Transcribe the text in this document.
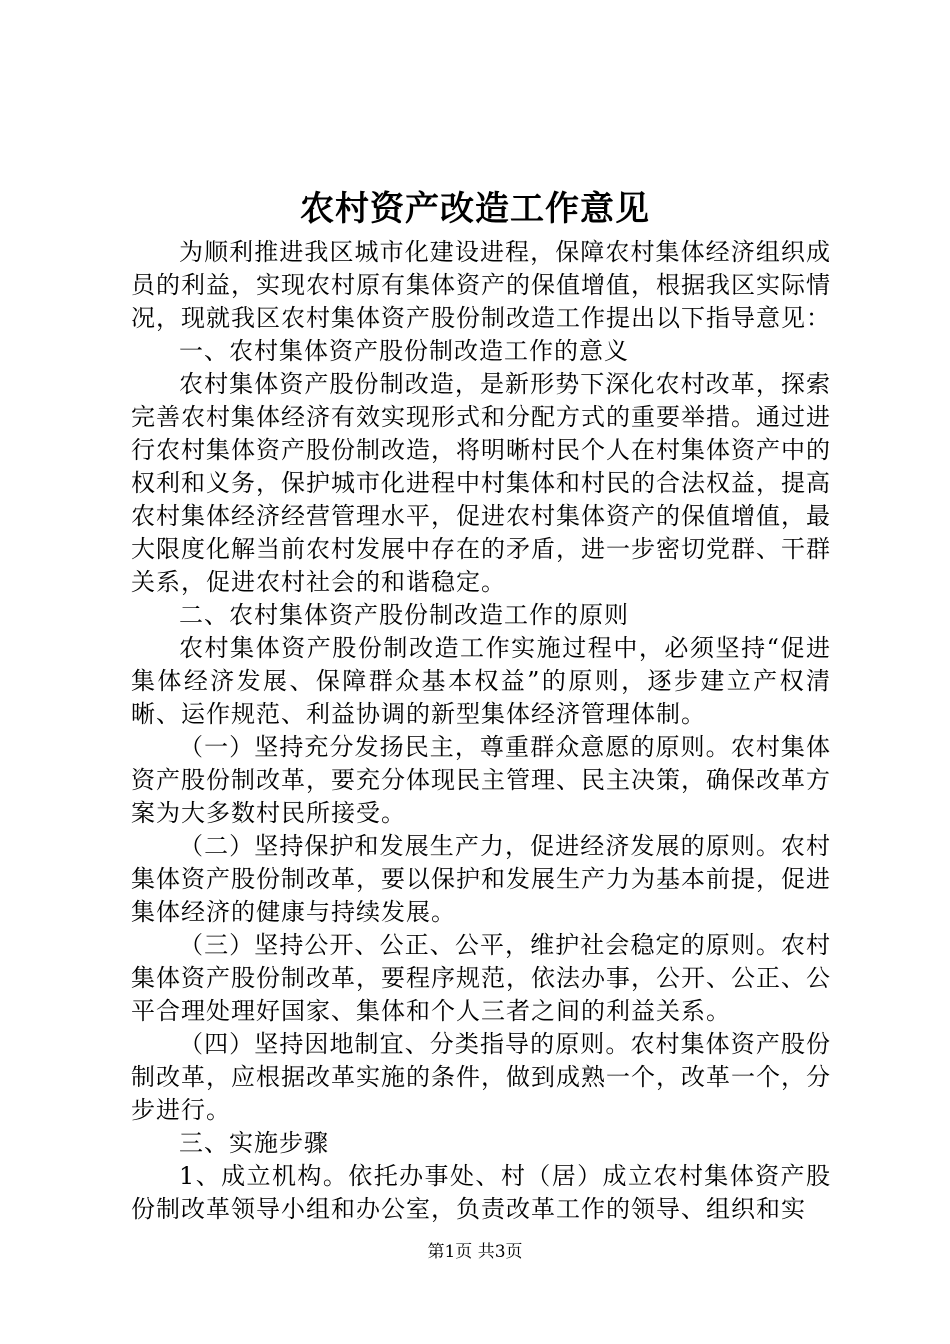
农村资产改造工作意见

为顺利推进我区城市化建设进程，保障农村集体经济组织成员的利益，实现农村原有集体资产的保值增值，根据我区实际情况，现就我区农村集体资产股份制改造工作提出以下指导意见：

一、农村集体资产股份制改造工作的意义

农村集体资产股份制改造，是新形势下深化农村改革，探索完善农村集体经济有效实现形式和分配方式的重要举措。通过进行农村集体资产股份制改造，将明晰村民个人在村集体资产中的权利和义务，保护城市化进程中村集体和村民的合法权益，提高农村集体经济经营管理水平，促进农村集体资产的保值增值，最大限度化解当前农村发展中存在的矛盾，进一步密切党群、干群关系，促进农村社会的和谐稳定。

二、农村集体资产股份制改造工作的原则

农村集体资产股份制改造工作实施过程中，必须坚持“促进集体经济发展、保障群众基本权益”的原则，逐步建立产权清晰、运作规范、利益协调的新型集体经济管理体制。

（一）坚持充分发扬民主，尊重群众意愿的原则。农村集体资产股份制改革，要充分体现民主管理、民主决策，确保改革方案为大多数村民所接受。

（二）坚持保护和发展生产力，促进经济发展的原则。农村集体资产股份制改革，要以保护和发展生产力为基本前提，促进集体经济的健康与持续发展。

（三）坚持公开、公正、公平，维护社会稳定的原则。农村集体资产股份制改革，要程序规范，依法办事，公开、公正、公平合理处理好国家、集体和个人三者之间的利益关系。

（四）坚持因地制宜、分类指导的原则。农村集体资产股份制改革，应根据改革实施的条件，做到成熟一个，改革一个，分步进行。

三、实施步骤

1、成立机构。依托办事处、村（居）成立农村集体资产股份制改革领导小组和办公室，负责改革工作的领导、组织和实

第1页 共3页
